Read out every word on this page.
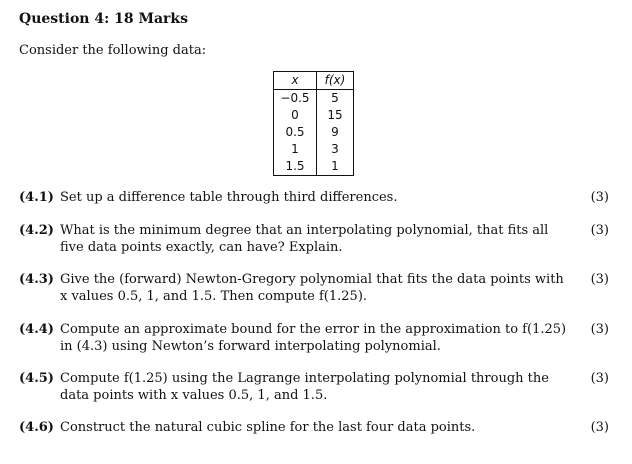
Question 4: 18 Marks
Consider the following data:
x	f(x)
−0.5	5
0	15
0.5	9
1	3
1.5	1
(4.1) Set up a difference table through third differences.	(3)
(4.2) What is the minimum degree that an interpolating polynomial, that fits all five data points exactly, can have? Explain.
(3)
(4.3) Give the (forward) Newton-Gregory polynomial that fits the data points with x values 0.5, 1, and 1.5. Then compute f(1.25).
(3)
(4.4) Compute an approximate bound for the error in the approximation to f(1.25) in (4.3) using Newton’s forward interpolating polynomial.
(3)
(4.5) Compute f(1.25) using the Lagrange interpolating polynomial through the data points with x values 0.5, 1, and 1.5.
(3)
(4.6) Construct the natural cubic spline for the last four data points.	(3)
